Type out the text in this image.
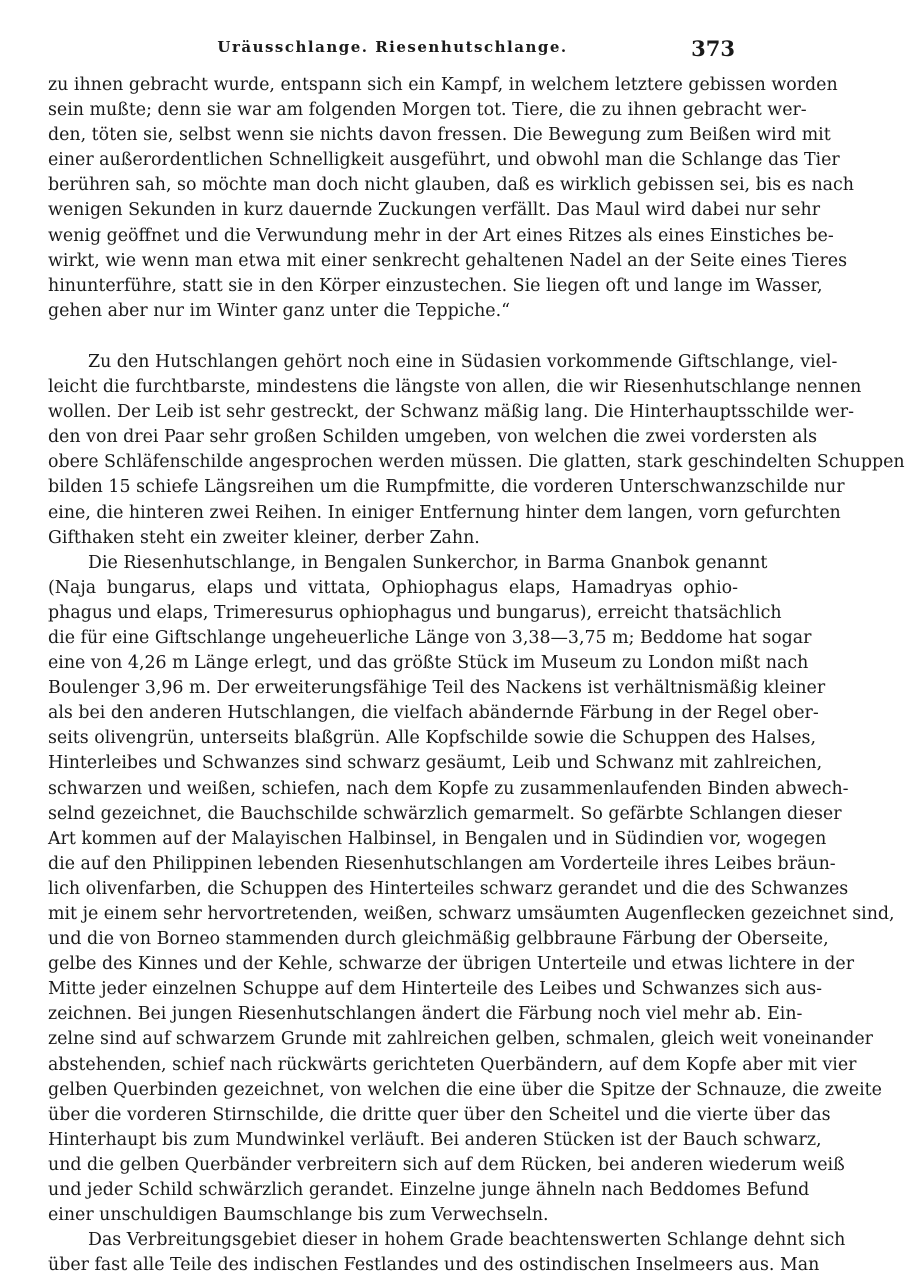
Uräusschlange. Riesenhutschlange.	373
zu ihnen gebracht wurde, entspann sich ein Kampf, in welchem letztere gebissen worden
sein mußte; denn sie war am folgenden Morgen tot. Tiere, die zu ihnen gebracht wer-
den, töten sie, selbst wenn sie nichts davon fressen. Die Bewegung zum Beißen wird mit
einer außerordentlichen Schnelligkeit ausgeführt, und obwohl man die Schlange das Tier
berühren sah, so möchte man doch nicht glauben, daß es wirklich gebissen sei, bis es nach
wenigen Sekunden in kurz dauernde Zuckungen verfällt. Das Maul wird dabei nur sehr
wenig geöffnet und die Verwundung mehr in der Art eines Ritzes als eines Einstiches be-
wirkt, wie wenn man etwa mit einer senkrecht gehaltenen Nadel an der Seite eines Tieres
hinunterführe, statt sie in den Körper einzustechen. Sie liegen oft und lange im Wasser,
gehen aber nur im Winter ganz unter die Teppiche.“
Zu den Hutschlangen gehört noch eine in Südasien vorkommende Giftschlange, viel-
leicht die furchtbarste, mindestens die längste von allen, die wir Riesenhutschlange nennen
wollen. Der Leib ist sehr gestreckt, der Schwanz mäßig lang. Die Hinterhauptsschilde wer-
den von drei Paar sehr großen Schilden umgeben, von welchen die zwei vordersten als
obere Schläfenschilde angesprochen werden müssen. Die glatten, stark geschindelten Schuppen
bilden 15 schiefe Längsreihen um die Rumpfmitte, die vorderen Unterschwanzschilde nur
eine, die hinteren zwei Reihen. In einiger Entfernung hinter dem langen, vorn gefurchten
Gifthaken steht ein zweiter kleiner, derber Zahn.
Die Riesenhutschlange, in Bengalen Sunkerchor, in Barma Gnanbok genannt
(Naja bungarus, elaps und vittata, Ophiophagus elaps, Hamadryas ophio-
phagus und elaps, Trimeresurus ophiophagus und bungarus), erreicht thatsächlich
die für eine Giftschlange ungeheuerliche Länge von 3,38—3,75 m; Beddome hat sogar
eine von 4,26 m Länge erlegt, und das größte Stück im Museum zu London mißt nach
Boulenger 3,96 m. Der erweiterungsfähige Teil des Nackens ist verhältnismäßig kleiner
als bei den anderen Hutschlangen, die vielfach abändernde Färbung in der Regel ober-
seits olivengrün, unterseits blaßgrün. Alle Kopfschilde sowie die Schuppen des Halses,
Hinterleibes und Schwanzes sind schwarz gesäumt, Leib und Schwanz mit zahlreichen,
schwarzen und weißen, schiefen, nach dem Kopfe zu zusammenlaufenden Binden abwech-
selnd gezeichnet, die Bauchschilde schwärzlich gemarmelt. So gefärbte Schlangen dieser
Art kommen auf der Malayischen Halbinsel, in Bengalen und in Südindien vor, wogegen
die auf den Philippinen lebenden Riesenhutschlangen am Vorderteile ihres Leibes bräun-
lich olivenfarben, die Schuppen des Hinterteiles schwarz gerandet und die des Schwanzes
mit je einem sehr hervortretenden, weißen, schwarz umsäumten Augenflecken gezeichnet sind,
und die von Borneo stammenden durch gleichmäßig gelbbraune Färbung der Oberseite,
gelbe des Kinnes und der Kehle, schwarze der übrigen Unterteile und etwas lichtere in der
Mitte jeder einzelnen Schuppe auf dem Hinterteile des Leibes und Schwanzes sich aus-
zeichnen. Bei jungen Riesenhutschlangen ändert die Färbung noch viel mehr ab. Ein-
zelne sind auf schwarzem Grunde mit zahlreichen gelben, schmalen, gleich weit voneinander
abstehenden, schief nach rückwärts gerichteten Querbändern, auf dem Kopfe aber mit vier
gelben Querbinden gezeichnet, von welchen die eine über die Spitze der Schnauze, die zweite
über die vorderen Stirnschilde, die dritte quer über den Scheitel und die vierte über das
Hinterhaupt bis zum Mundwinkel verläuft. Bei anderen Stücken ist der Bauch schwarz,
und die gelben Querbänder verbreitern sich auf dem Rücken, bei anderen wiederum weiß
und jeder Schild schwärzlich gerandet. Einzelne junge ähneln nach Beddomes Befund
einer unschuldigen Baumschlange bis zum Verwechseln.
Das Verbreitungsgebiet dieser in hohem Grade beachtenswerten Schlange dehnt sich
über fast alle Teile des indischen Festlandes und des ostindischen Inselmeers aus. Man
